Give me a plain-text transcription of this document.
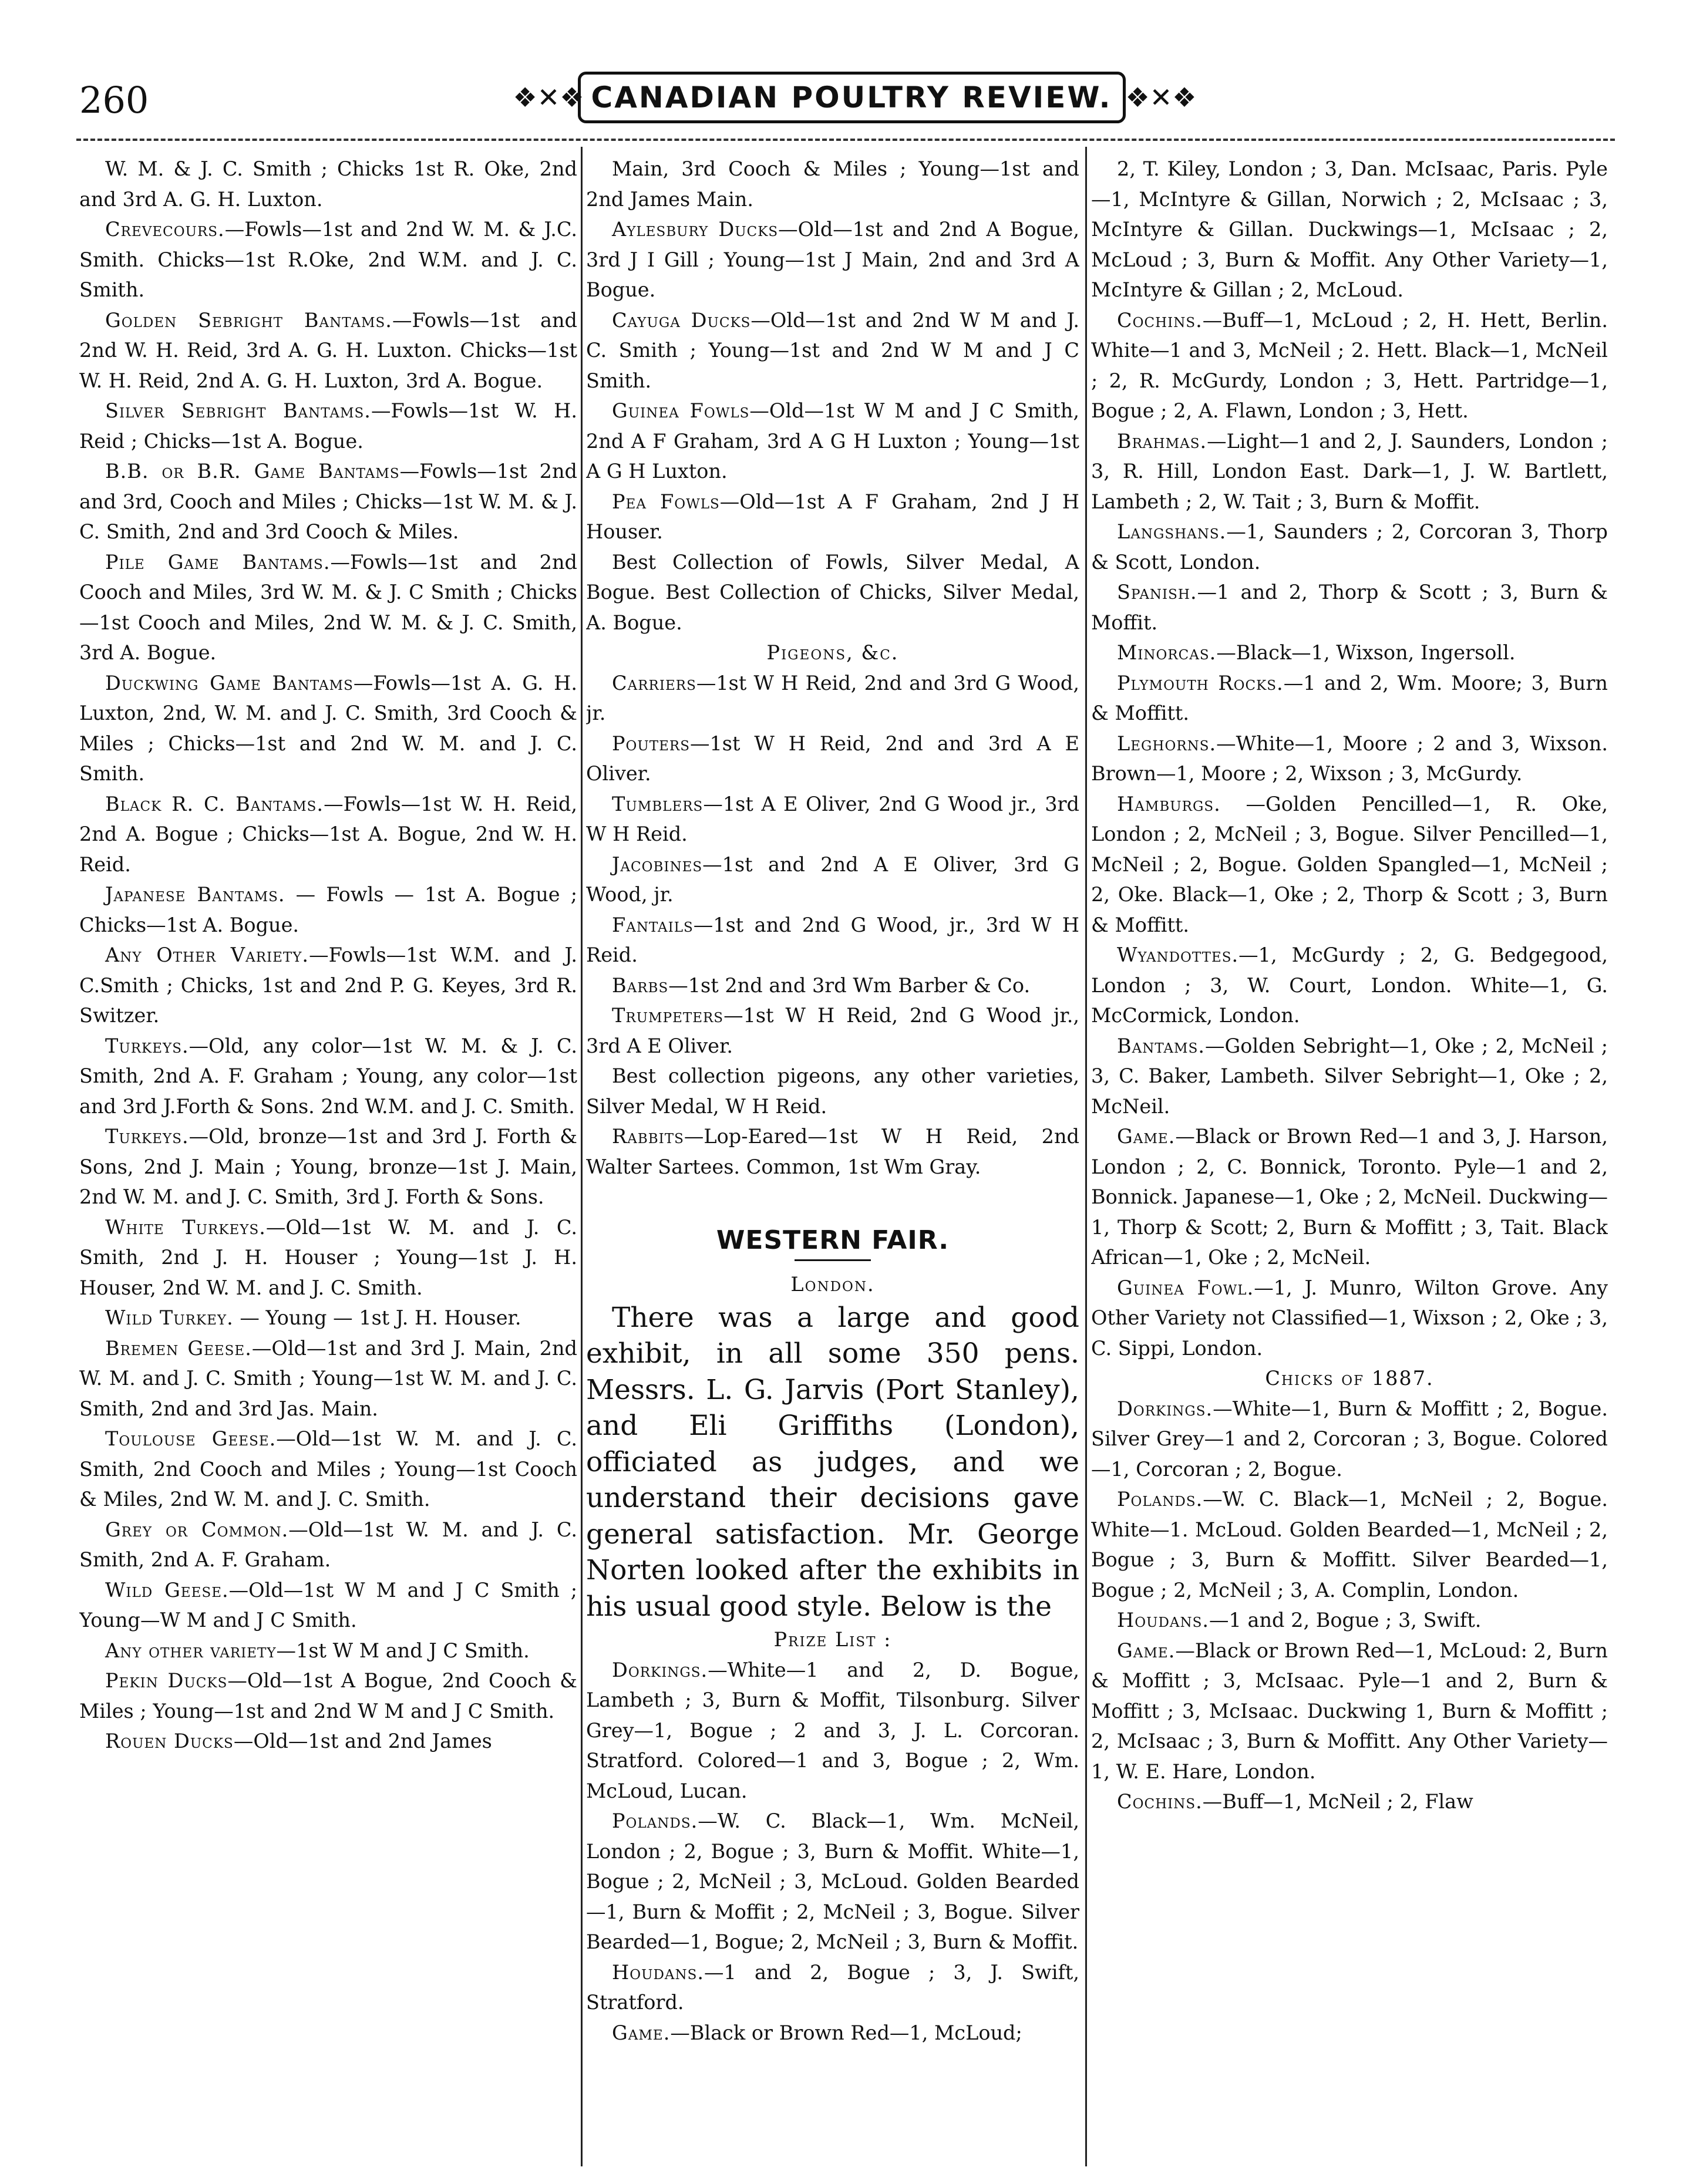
260	❖✕❖ CANADIAN POULTRY REVIEW. ❖✕❖

W. M. & J. C. Smith ; Chicks 1st R. Oke, 2nd and 3rd A. G. H. Luxton.

Crevecours.—Fowls—1st and 2nd W. M. & J.C. Smith. Chicks—1st R.Oke, 2nd W.M. and J. C. Smith.

Golden Sebright Bantams.—Fowls—1st and 2nd W. H. Reid, 3rd A. G. H. Luxton. Chicks—1st W. H. Reid, 2nd A. G. H. Luxton, 3rd A. Bogue.

Silver Sebright Bantams.—Fowls—1st W. H. Reid ; Chicks—1st A. Bogue.

B.B. or B.R. Game Bantams—Fowls—1st 2nd and 3rd, Cooch and Miles ; Chicks—1st W. M. & J. C. Smith, 2nd and 3rd Cooch & Miles.

Pile Game Bantams.—Fowls—1st and 2nd Cooch and Miles, 3rd W. M. & J. C Smith ; Chicks—1st Cooch and Miles, 2nd W. M. & J. C. Smith, 3rd A. Bogue.

Duckwing Game Bantams—Fowls—1st A. G. H. Luxton, 2nd, W. M. and J. C. Smith, 3rd Cooch & Miles ; Chicks—1st and 2nd W. M. and J. C. Smith.

Black R. C. Bantams.—Fowls—1st W. H. Reid, 2nd A. Bogue ; Chicks—1st A. Bogue, 2nd W. H. Reid.

Japanese Bantams. — Fowls — 1st A. Bogue ; Chicks—1st A. Bogue.

Any Other Variety.—Fowls—1st W.M. and J. C.Smith ; Chicks, 1st and 2nd P. G. Keyes, 3rd R. Switzer.

Turkeys.—Old, any color—1st W. M. & J. C. Smith, 2nd A. F. Graham ; Young, any color—1st and 3rd J.Forth & Sons. 2nd W.M. and J. C. Smith.

Turkeys.—Old, bronze—1st and 3rd J. Forth & Sons, 2nd J. Main ; Young, bronze—1st J. Main, 2nd W. M. and J. C. Smith, 3rd J. Forth & Sons.

White Turkeys.—Old—1st W. M. and J. C. Smith, 2nd J. H. Houser ; Young—1st J. H. Houser, 2nd W. M. and J. C. Smith.

Wild Turkey. — Young — 1st J. H. Houser.

Bremen Geese.—Old—1st and 3rd J. Main, 2nd W. M. and J. C. Smith ; Young—1st W. M. and J. C. Smith, 2nd and 3rd Jas. Main.

Toulouse Geese.—Old—1st W. M. and J. C. Smith, 2nd Cooch and Miles ; Young—1st Cooch & Miles, 2nd W. M. and J. C. Smith.

Grey or Common.—Old—1st W. M. and J. C. Smith, 2nd A. F. Graham.

Wild Geese.—Old—1st W M and J C Smith ; Young—W M and J C Smith.

Any other variety—1st W M and J C Smith.

Pekin Ducks—Old—1st A Bogue, 2nd Cooch & Miles ; Young—1st and 2nd W M and J C Smith.

Rouen Ducks—Old—1st and 2nd James

Main, 3rd Cooch & Miles ; Young—1st and 2nd James Main.

Aylesbury Ducks—Old—1st and 2nd A Bogue, 3rd J I Gill ; Young—1st J Main, 2nd and 3rd A Bogue.

Cayuga Ducks—Old—1st and 2nd W M and J. C. Smith ; Young—1st and 2nd W M and J C Smith.

Guinea Fowls—Old—1st W M and J C Smith, 2nd A F Graham, 3rd A G H Luxton ; Young—1st A G H Luxton.

Pea Fowls—Old—1st A F Graham, 2nd J H Houser.

Best Collection of Fowls, Silver Medal, A Bogue. Best Collection of Chicks, Silver Medal, A. Bogue.

Pigeons, &c.

Carriers—1st W H Reid, 2nd and 3rd G Wood, jr.

Pouters—1st W H Reid, 2nd and 3rd A E Oliver.

Tumblers—1st A E Oliver, 2nd G Wood jr., 3rd W H Reid.

Jacobines—1st and 2nd A E Oliver, 3rd G Wood, jr.

Fantails—1st and 2nd G Wood, jr., 3rd W H Reid.

Barbs—1st 2nd and 3rd Wm Barber & Co.

Trumpeters—1st W H Reid, 2nd G Wood jr., 3rd A E Oliver.

Best collection pigeons, any other varieties, Silver Medal, W H Reid.

Rabbits—Lop-Eared—1st W H Reid, 2nd Walter Sartees. Common, 1st Wm Gray.

WESTERN FAIR.

London.

There was a large and good exhibit, in all some 350 pens. Messrs. L. G. Jarvis (Port Stanley), and Eli Griffiths (London), officiated as judges, and we understand their decisions gave general satisfaction. Mr. George Norten looked after the exhibits in his usual good style. Below is the

Prize List :

Dorkings.—White—1 and 2, D. Bogue, Lambeth ; 3, Burn & Moffit, Tilsonburg. Silver Grey—1, Bogue ; 2 and 3, J. L. Corcoran. Stratford. Colored—1 and 3, Bogue ; 2, Wm. McLoud, Lucan.

Polands.—W. C. Black—1, Wm. McNeil, London ; 2, Bogue ; 3, Burn & Moffit. White—1, Bogue ; 2, McNeil ; 3, McLoud. Golden Bearded—1, Burn & Moffit ; 2, McNeil ; 3, Bogue. Silver Bearded—1, Bogue; 2, McNeil ; 3, Burn & Moffit.

Houdans.—1 and 2, Bogue ; 3, J. Swift, Stratford.

Game.—Black or Brown Red—1, McLoud;

2, T. Kiley, London ; 3, Dan. McIsaac, Paris. Pyle—1, McIntyre & Gillan, Norwich ; 2, McIsaac ; 3, McIntyre & Gillan. Duckwings—1, McIsaac ; 2, McLoud ; 3, Burn & Moffit. Any Other Variety—1, McIntyre & Gillan ; 2, McLoud.

Cochins.—Buff—1, McLoud ; 2, H. Hett, Berlin. White—1 and 3, McNeil ; 2. Hett. Black—1, McNeil ; 2, R. McGurdy, London ; 3, Hett. Partridge—1, Bogue ; 2, A. Flawn, London ; 3, Hett.

Brahmas.—Light—1 and 2, J. Saunders, London ; 3, R. Hill, London East. Dark—1, J. W. Bartlett, Lambeth ; 2, W. Tait ; 3, Burn & Moffit.

Langshans.—1, Saunders ; 2, Corcoran 3, Thorp & Scott, London.

Spanish.—1 and 2, Thorp & Scott ; 3, Burn & Moffit.

Minorcas.—Black—1, Wixson, Ingersoll.

Plymouth Rocks.—1 and 2, Wm. Moore; 3, Burn & Moffitt.

Leghorns.—White—1, Moore ; 2 and 3, Wixson. Brown—1, Moore ; 2, Wixson ; 3, McGurdy.

Hamburgs. —Golden Pencilled—1, R. Oke, London ; 2, McNeil ; 3, Bogue. Silver Pencilled—1, McNeil ; 2, Bogue. Golden Spangled—1, McNeil ; 2, Oke. Black—1, Oke ; 2, Thorp & Scott ; 3, Burn & Moffitt.

Wyandottes.—1, McGurdy ; 2, G. Bedgegood, London ; 3, W. Court, London. White—1, G. McCormick, London.

Bantams.—Golden Sebright—1, Oke ; 2, McNeil ; 3, C. Baker, Lambeth. Silver Sebright—1, Oke ; 2, McNeil.

Game.—Black or Brown Red—1 and 3, J. Harson, London ; 2, C. Bonnick, Toronto. Pyle—1 and 2, Bonnick. Japanese—1, Oke ; 2, McNeil. Duckwing—1, Thorp & Scott; 2, Burn & Moffitt ; 3, Tait. Black African—1, Oke ; 2, McNeil.

Guinea Fowl.—1, J. Munro, Wilton Grove. Any Other Variety not Classified—1, Wixson ; 2, Oke ; 3, C. Sippi, London.

Chicks of 1887.

Dorkings.—White—1, Burn & Moffitt ; 2, Bogue. Silver Grey—1 and 2, Corcoran ; 3, Bogue. Colored—1, Corcoran ; 2, Bogue.

Polands.—W. C. Black—1, McNeil ; 2, Bogue. White—1. McLoud. Golden Bearded—1, McNeil ; 2, Bogue ; 3, Burn & Moffitt. Silver Bearded—1, Bogue ; 2, McNeil ; 3, A. Complin, London.

Houdans.—1 and 2, Bogue ; 3, Swift.

Game.—Black or Brown Red—1, McLoud: 2, Burn & Moffitt ; 3, McIsaac. Pyle—1 and 2, Burn & Moffitt ; 3, McIsaac. Duckwing 1, Burn & Moffitt ; 2, McIsaac ; 3, Burn & Moffitt. Any Other Variety—1, W. E. Hare, London.

Cochins.—Buff—1, McNeil ; 2, Flaw
